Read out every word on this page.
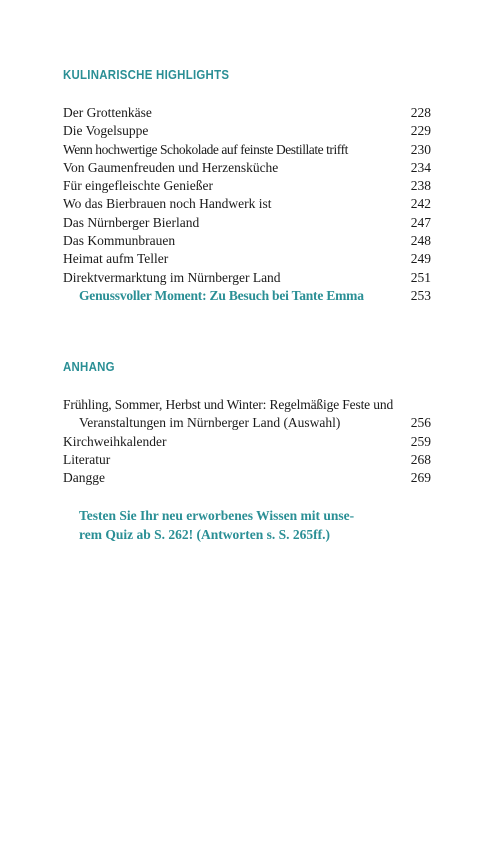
KULINARISCHE HIGHLIGHTS
Der Grottenkäse	228
Die Vogelsuppe	229
Wenn hochwertige Schokolade auf feinste Destillate trifft	230
Von Gaumenfreuden und Herzensküche	234
Für eingefleischte Genießer	238
Wo das Bierbrauen noch Handwerk ist	242
Das Nürnberger Bierland	247
Das Kommunbrauen	248
Heimat aufm Teller	249
Direktvermarktung im Nürnberger Land	251
Genussvoller Moment: Zu Besuch bei Tante Emma	253
ANHANG
Frühling, Sommer, Herbst und Winter: Regelmäßige Feste und
Veranstaltungen im Nürnberger Land (Auswahl)	256
Kirchweihkalender	259
Literatur	268
Dangge	269
Testen Sie Ihr neu erworbenes Wissen mit unse-
rem Quiz ab S. 262! (Antworten s. S. 265ff.)
